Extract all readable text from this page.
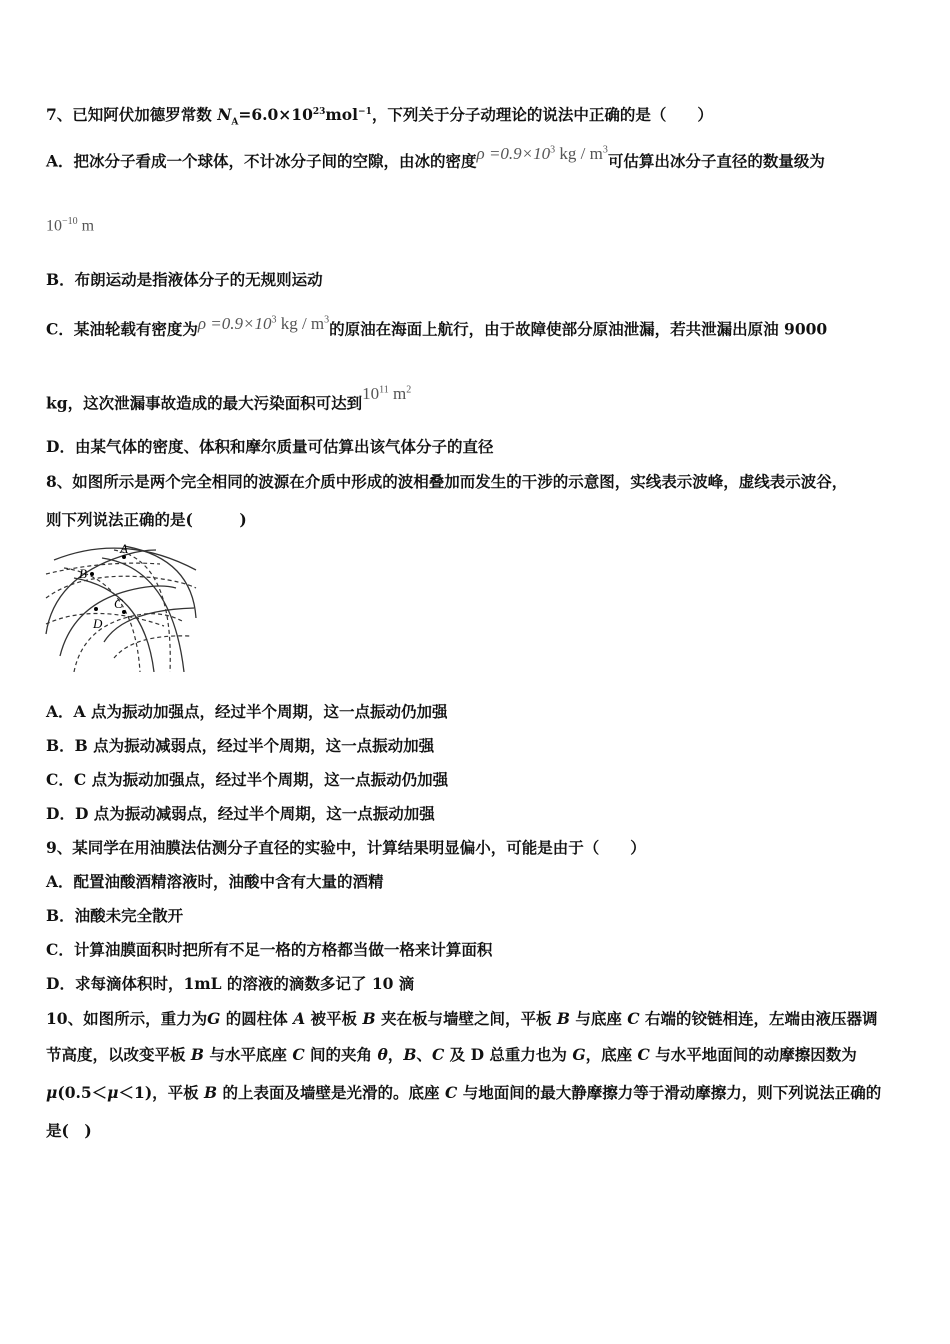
7、已知阿伏加德罗常数 $N_A=6.0\times 10^{23}mol^{-1}$，下列关于分子动理论的说法中正确的是（　　）
A．把冰分子看成一个球体，不计冰分子间的空隙，由冰的密度$\rho =0.9\times 10^3$ kg / $m^3$可估算出冰分子直径的数量级为
$10^{-10}$ m
B．布朗运动是指液体分子的无规则运动
C．某油轮载有密度为$\rho =0.9\times 10^3$ kg / $m^3$的原油在海面上航行，由于故障使部分原油泄漏，若共泄漏出原油 9000
kg，这次泄漏事故造成的最大污染面积可达到$10^{11}$ $m^2$
D．由某气体的密度、体积和摩尔质量可估算出该气体分子的直径
8、如图所示是两个完全相同的波源在介质中形成的波相叠加而发生的干涉的示意图，实线表示波峰，虚线表示波谷，
则下列说法正确的是(　　　)
A
B
C
D
A．A 点为振动加强点，经过半个周期，这一点振动仍加强
B．B 点为振动减弱点，经过半个周期，这一点振动加强
C．C 点为振动加强点，经过半个周期，这一点振动仍加强
D．D 点为振动减弱点，经过半个周期，这一点振动加强
9、某同学在用油膜法估测分子直径的实验中，计算结果明显偏小，可能是由于（　　）
A．配置油酸酒精溶液时，油酸中含有大量的酒精
B．油酸未完全散开
C．计算油膜面积时把所有不足一格的方格都当做一格来计算面积
D．求每滴体积时，1mL 的溶液的滴数多记了 10 滴
10、如图所示，重力为G 的圆柱体 A 被平板 B 夹在板与墙壁之间，平板 B 与底座 C 右端的铰链相连，左端由液压器调
节高度，以改变平板 B 与水平底座 C 间的夹角 θ，B、C 及 D 总重力也为 G，底座 C 与水平地面间的动摩擦因数为
μ(0.5＜μ＜1)，平板 B 的上表面及墙壁是光滑的。底座 C 与地面间的最大静摩擦力等于滑动摩擦力，则下列说法正确的
是(　)
